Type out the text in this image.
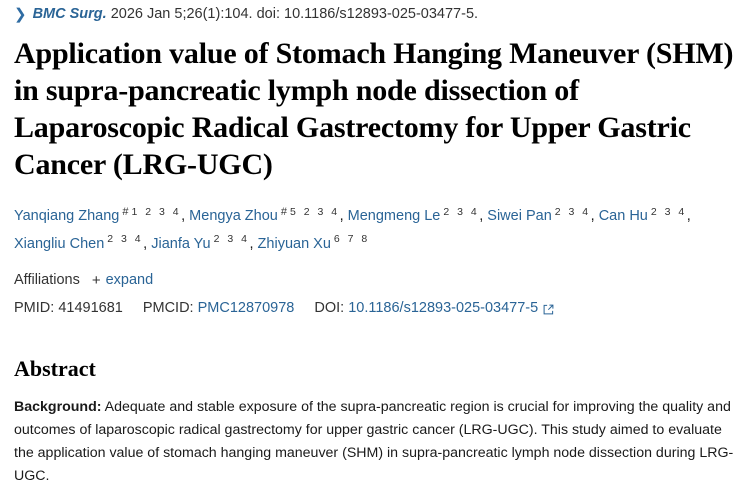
❯ BMC Surg. 2026 Jan 5;26(1):104. doi: 10.1186/s12893-025-03477-5.
Application value of Stomach Hanging Maneuver (SHM) in supra-pancreatic lymph node dissection of Laparoscopic Radical Gastrectomy for Upper Gastric Cancer (LRG-UGC)
Yanqiang Zhang # $^{1 2 3 4}$, Mengya Zhou # $^{5 2 3 4}$, Mengmeng Le $^{2 3 4}$, Siwei Pan $^{2 3 4}$, Can Hu $^{2 3 4}$, Xiangliu Chen $^{2 3 4}$, Jianfa Yu $^{2 3 4}$, Zhiyuan Xu $^{6 7 8}$
Affiliations + expand
PMID:
41491681 PMCID:
PMC12870978 DOI:
10.1186/s12893-025-03477-5
Abstract

Background: Adequate and stable exposure of the supra-pancreatic region is crucial for improving the quality and outcomes of laparoscopic radical gastrectomy for upper gastric cancer (LRG-UGC). This study aimed to evaluate the application value of stomach hanging maneuver (SHM) in supra-pancreatic lymph node dissection during LRG-UGC.
